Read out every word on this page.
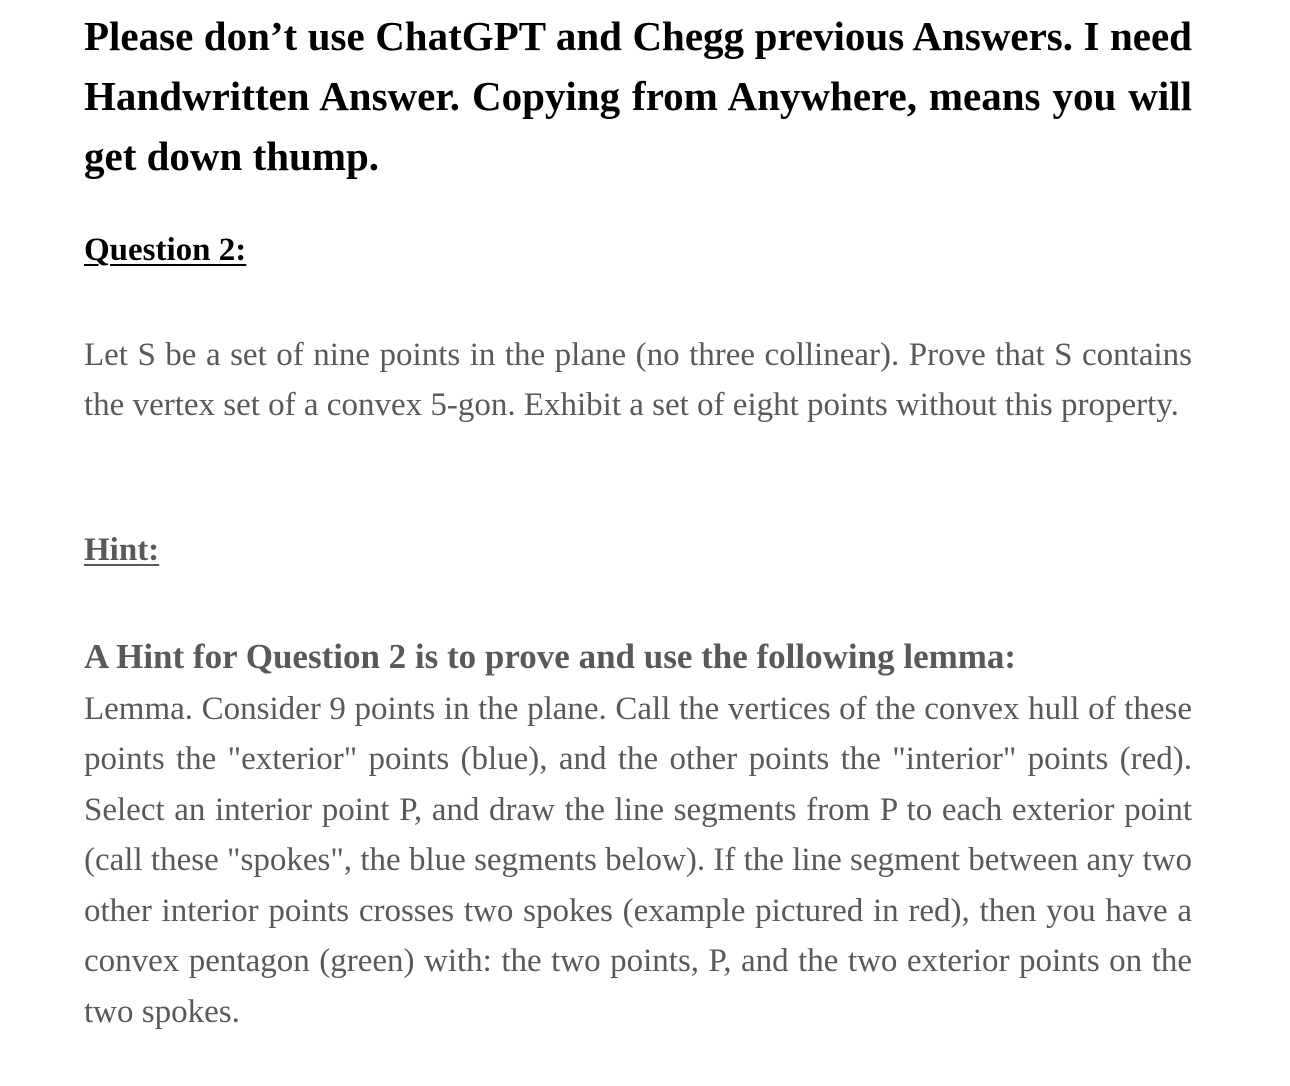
Please don’t use ChatGPT and Chegg previous Answers. I need Handwritten Answer. Copying from Anywhere, means you will get down thump.

Question 2:

Let S be a set of nine points in the plane (no three collinear). Prove that S contains the vertex set of a convex 5-gon. Exhibit a set of eight points without this property.

Hint:

A Hint for Question 2 is to prove and use the following lemma:
Lemma. Consider 9 points in the plane. Call the vertices of the convex hull of these points the "exterior" points (blue), and the other points the "interior" points (red). Select an interior point P, and draw the line segments from P to each exterior point (call these "spokes", the blue segments below). If the line segment between any two other interior points crosses two spokes (example pictured in red), then you have a convex pentagon (green) with: the two points, P, and the two exterior points on the two spokes.
